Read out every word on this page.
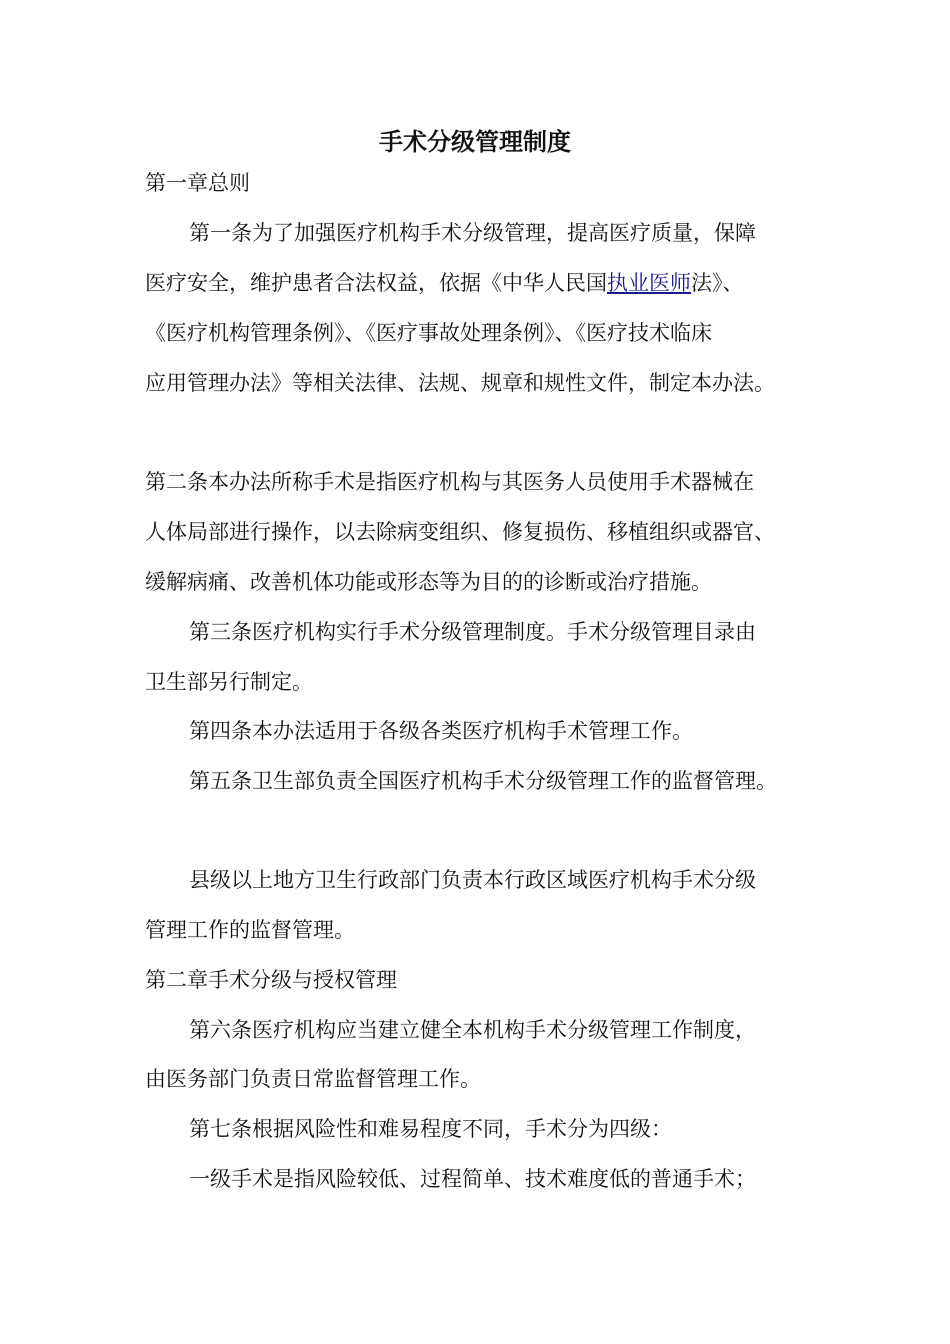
手术分级管理制度
第一章总则
第一条为了加强医疗机构手术分级管理，提高医疗质量，保障
医疗安全，维护患者合法权益，依据《中华人民国执业医师法》、
《医疗机构管理条例》、《医疗事故处理条例》、《医疗技术临床
应用管理办法》等相关法律、法规、规章和规性文件，制定本办法。
第二条本办法所称手术是指医疗机构与其医务人员使用手术器械在
人体局部进行操作，以去除病变组织、修复损伤、移植组织或器官、
缓解病痛、改善机体功能或形态等为目的的诊断或治疗措施。
第三条医疗机构实行手术分级管理制度。手术分级管理目录由
卫生部另行制定。
第四条本办法适用于各级各类医疗机构手术管理工作。
第五条卫生部负责全国医疗机构手术分级管理工作的监督管理。
县级以上地方卫生行政部门负责本行政区域医疗机构手术分级
管理工作的监督管理。
第二章手术分级与授权管理
第六条医疗机构应当建立健全本机构手术分级管理工作制度，
由医务部门负责日常监督管理工作。
第七条根据风险性和难易程度不同，手术分为四级：
一级手术是指风险较低、过程简单、技术难度低的普通手术；
